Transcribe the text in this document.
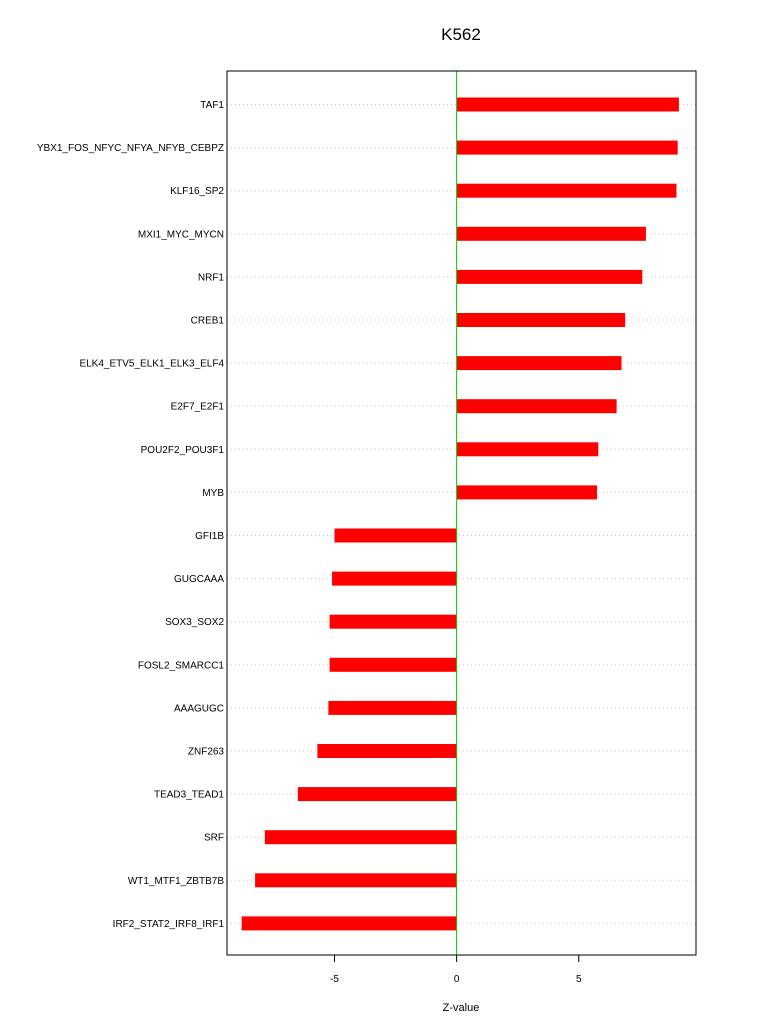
K562
TAF1
YBX1_FOS_NFYC_NFYA_NFYB_CEBPZ
KLF16_SP2
MXI1_MYC_MYCN
NRF1
CREB1
ELK4_ETV5_ELK1_ELK3_ELF4
E2F7_E2F1
POU2F2_POU3F1
MYB
GFI1B
GUGCAAA
SOX3_SOX2
FOSL2_SMARCC1
AAAGUGC
ZNF263
TEAD3_TEAD1
SRF
WT1_MTF1_ZBTB7B
IRF2_STAT2_IRF8_IRF1
-5	0	5
Z-value
